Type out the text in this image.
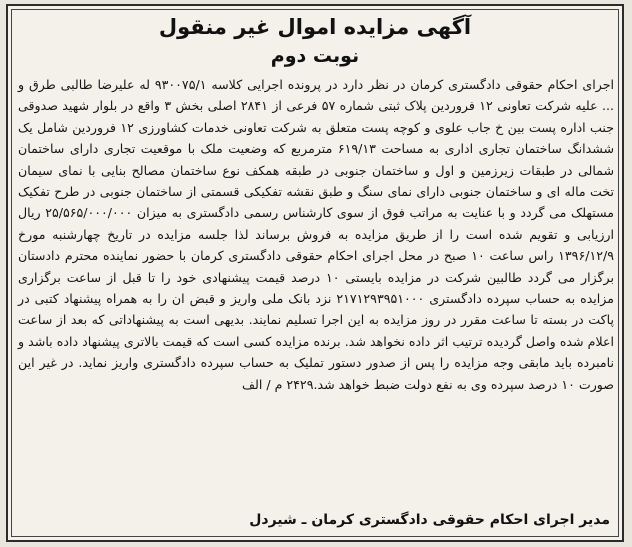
آگهی مزایده اموال غیر منقول
نوبت دوم
اجرای احکام حقوقی دادگستری کرمان در نظر دارد در پرونده اجرایی کلاسه ۹۳۰۰۷۵/۱ له علیرضا طالبی طرق و ... علیه شرکت تعاونی ۱۲ فروردین پلاک ثبتی شماره ۵۷ فرعی از ۲۸۴۱ اصلی بخش ۳ واقع در بلوار شهید صدوقی جنب اداره پست بین خ جاب علوی و کوچه پست متعلق به شرکت تعاونی خدمات کشاورزی ۱۲ فروردین شامل یک ششدانگ ساختمان تجاری اداری به مساحت ۶۱۹/۱۳ مترمربع که وضعیت ملک با موقعیت تجاری دارای ساختمان شمالی در طبقات زیرزمین و اول و ساختمان جنوبی در طبقه همکف نوع ساختمان مصالح بنایی با نمای سیمان تخت ماله ای و ساختمان جنوبی دارای نمای سنگ و طبق نقشه تفکیکی قسمتی از ساختمان جنوبی در طرح تفکیک مستهلک می گردد و با عنایت به مراتب فوق از سوی کارشناس رسمی دادگستری به میزان ۲۵/۵۶۵/۰۰۰/۰۰۰ ریال ارزیابی و تقویم شده است را از طریق مزایده به فروش برساند لذا جلسه مزایده در تاریخ چهارشنبه مورخ ۱۳۹۶/۱۲/۹ راس ساعت ۱۰ صبح در محل اجرای احکام حقوقی دادگستری کرمان با حضور نماینده محترم دادستان برگزار می گردد طالبین شرکت در مزایده بایستی ۱۰ درصد قیمت پیشنهادی خود را تا قبل از ساعت برگزاری مزایده به حساب سپرده دادگستری ۲۱۷۱۲۹۳۹۵۱۰۰۰ نزد بانک ملی واریز و قبض ان را به همراه پیشنهاد کتبی در پاکت در بسته تا ساعت مقرر در روز مزایده به این اجرا تسلیم نمایند. بدیهی است به پیشنهاداتی که بعد از ساعت اعلام شده واصل گردیده ترتیب اثر داده نخواهد شد. برنده مزایده کسی است که قیمت بالاتری پیشنهاد داده باشد و نامبرده باید مابقی وجه مزایده را پس از صدور دستور تملیک به حساب سپرده دادگستری واریز نماید. در غیر این صورت ۱۰ درصد سپرده وی به نفع دولت ضبط خواهد شد.۲۴۲۹ م / الف
مدیر اجرای احکام حقوقی دادگستری کرمان ـ شیردل
